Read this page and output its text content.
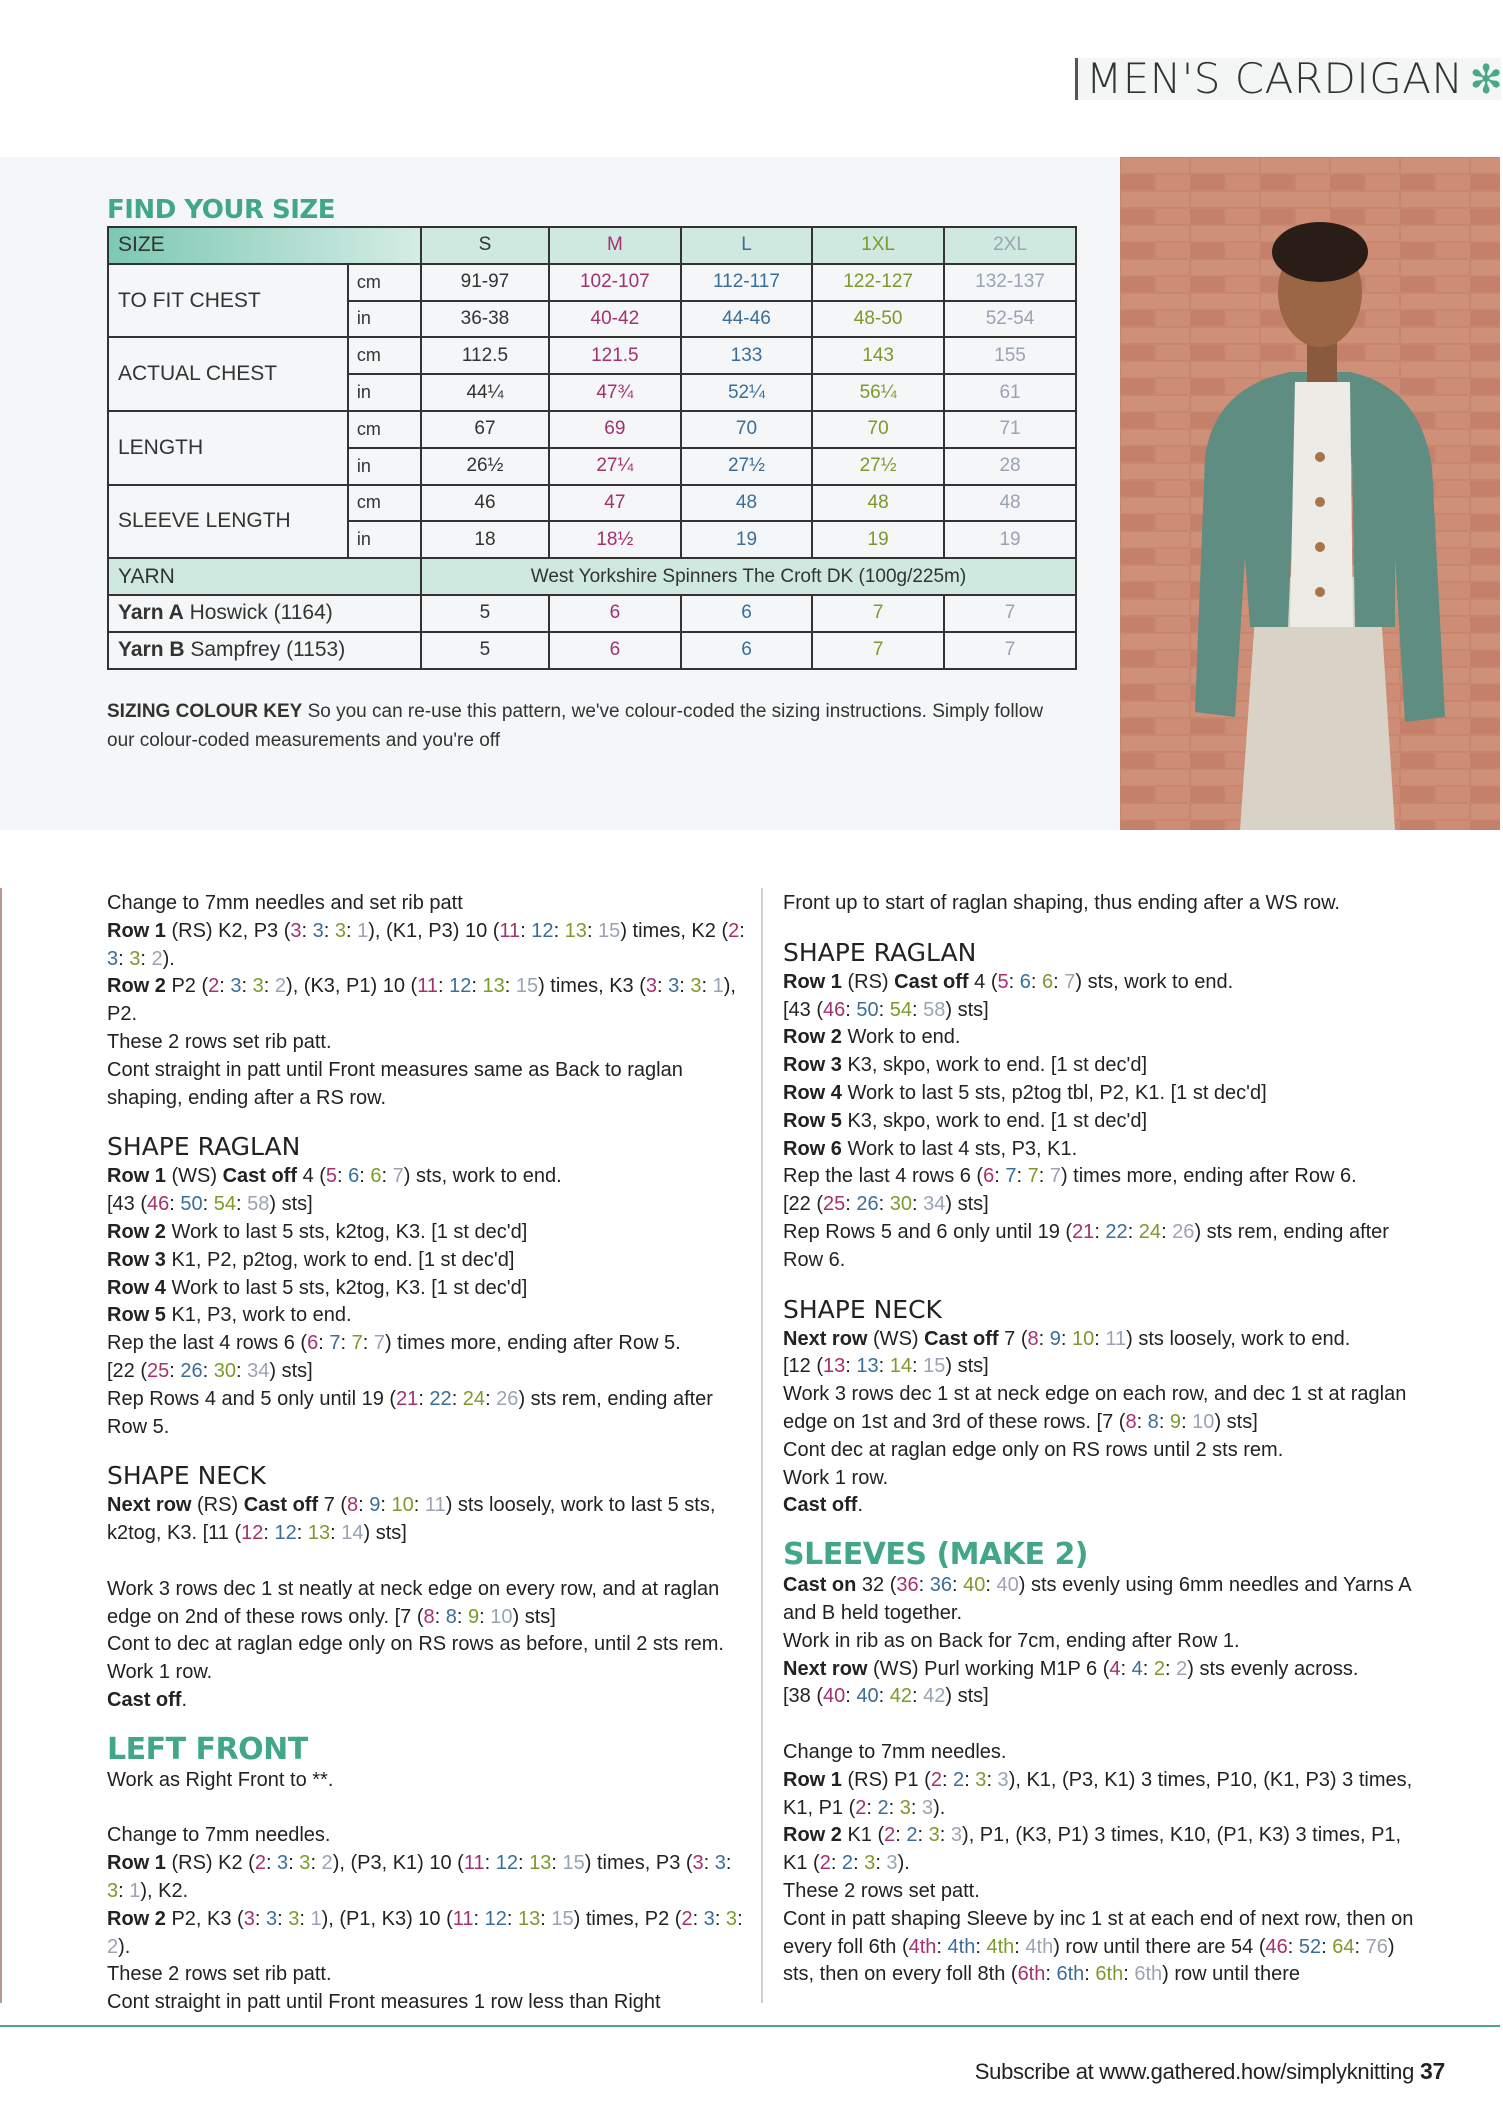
MEN'S CARDIGAN ✻
FIND YOUR SIZE
SIZE		S	M	L	1XL	2XL
TO FIT CHEST	cm	91-97	102-107	112-117	122-127	132-137
	in	36-38	40-42	44-46	48-50	52-54
ACTUAL CHEST	cm	112.5	121.5	133	143	155
	in	44¼	47¾	52¼	56¼	61
LENGTH	cm	67	69	70	70	71
	in	26½	27¼	27½	27½	28
SLEEVE LENGTH	cm	46	47	48	48	48
	in	18	18½	19	19	19
YARN		West Yorkshire Spinners The Croft DK (100g/225m)				
Yarn A Hoswick (1164)		5	6	6	7	7
Yarn B Sampfrey (1153)		5	6	6	7	7
SIZING COLOUR KEY So you can re-use this pattern, we've colour-coded the sizing instructions. Simply follow our colour-coded measurements and you're off

Change to 7mm needles and set rib patt

Row 1 (RS) K2, P3 (3: 3: 3: 1), (K1, P3) 10 (11: 12: 13: 15) times, K2 (2: 3: 3: 2).

Row 2 P2 (2: 3: 3: 2), (K3, P1) 10 (11: 12: 13: 15) times, K3 (3: 3: 3: 1), P2.

These 2 rows set rib patt.

Cont straight in patt until Front measures same as Back to raglan shaping, ending after a RS row.

SHAPE RAGLAN

Row 1 (WS) Cast off 4 (5: 6: 6: 7) sts, work to end.

[43 (46: 50: 54: 58) sts]

Row 2 Work to last 5 sts, k2tog, K3. [1 st dec'd]

Row 3 K1, P2, p2tog, work to end. [1 st dec'd]

Row 4 Work to last 5 sts, k2tog, K3. [1 st dec'd]

Row 5 K1, P3, work to end.

Rep the last 4 rows 6 (6: 7: 7: 7) times more, ending after Row 5.

[22 (25: 26: 30: 34) sts]

Rep Rows 4 and 5 only until 19 (21: 22: 24: 26) sts rem, ending after Row 5.

SHAPE NECK

Next row (RS) Cast off 7 (8: 9: 10: 11) sts loosely, work to last 5 sts, k2tog, K3. [11 (12: 12: 13: 14) sts]

Work 3 rows dec 1 st neatly at neck edge on every row, and at raglan edge on 2nd of these rows only. [7 (8: 8: 9: 10) sts]

Cont to dec at raglan edge only on RS rows as before, until 2 sts rem.

Work 1 row.

Cast off.

LEFT FRONT

Work as Right Front to **.

Change to 7mm needles.

Row 1 (RS) K2 (2: 3: 3: 2), (P3, K1) 10 (11: 12: 13: 15) times, P3 (3: 3: 3: 1), K2.

Row 2 P2, K3 (3: 3: 3: 1), (P1, K3) 10 (11: 12: 13: 15) times, P2 (2: 3: 3: 2).

These 2 rows set rib patt.

Cont straight in patt until Front measures 1 row less than Right

Front up to start of raglan shaping, thus ending after a WS row.

SHAPE RAGLAN

Row 1 (RS) Cast off 4 (5: 6: 6: 7) sts, work to end.

[43 (46: 50: 54: 58) sts]

Row 2 Work to end.

Row 3 K3, skpo, work to end. [1 st dec'd]

Row 4 Work to last 5 sts, p2tog tbl, P2, K1. [1 st dec'd]

Row 5 K3, skpo, work to end. [1 st dec'd]

Row 6 Work to last 4 sts, P3, K1.

Rep the last 4 rows 6 (6: 7: 7: 7) times more, ending after Row 6.

[22 (25: 26: 30: 34) sts]

Rep Rows 5 and 6 only until 19 (21: 22: 24: 26) sts rem, ending after Row 6.

SHAPE NECK

Next row (WS) Cast off 7 (8: 9: 10: 11) sts loosely, work to end.

[12 (13: 13: 14: 15) sts]

Work 3 rows dec 1 st at neck edge on each row, and dec 1 st at raglan edge on 1st and 3rd of these rows. [7 (8: 8: 9: 10) sts]

Cont dec at raglan edge only on RS rows until 2 sts rem.

Work 1 row.

Cast off.

SLEEVES (MAKE 2)

Cast on 32 (36: 36: 40: 40) sts evenly using 6mm needles and Yarns A and B held together.

Work in rib as on Back for 7cm, ending after Row 1.

Next row (WS) Purl working M1P 6 (4: 4: 2: 2) sts evenly across.

[38 (40: 40: 42: 42) sts]

Change to 7mm needles.

Row 1 (RS) P1 (2: 2: 3: 3), K1, (P3, K1) 3 times, P10, (K1, P3) 3 times, K1, P1 (2: 2: 3: 3).

Row 2 K1 (2: 2: 3: 3), P1, (K3, P1) 3 times, K10, (P1, K3) 3 times, P1, K1 (2: 2: 3: 3).

These 2 rows set patt.

Cont in patt shaping Sleeve by inc 1 st at each end of next row, then on every foll 6th (4th: 4th: 4th: 4th) row until there are 54 (46: 52: 64: 76) sts, then on every foll 8th (6th: 6th: 6th: 6th) row until there

Subscribe at www.gathered.how/simplyknitting 37
